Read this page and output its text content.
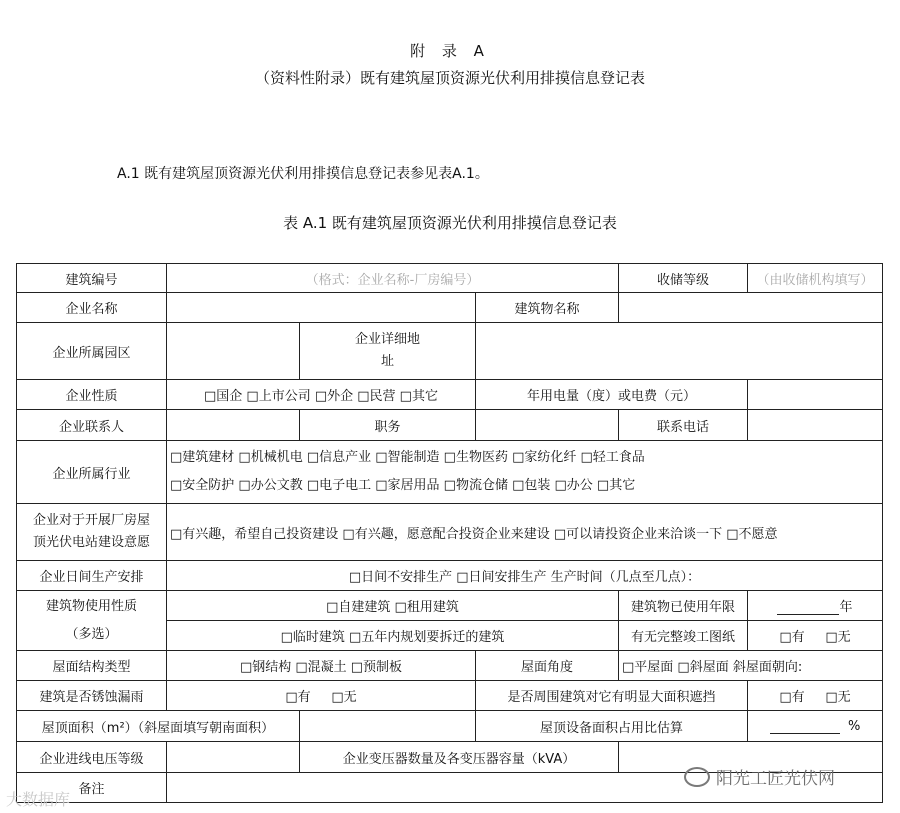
附 录 A
（资料性附录）既有建筑屋顶资源光伏利用排摸信息登记表
A.1 既有建筑屋顶资源光伏利用排摸信息登记表参见表A.1。
表 A.1 既有建筑屋顶资源光伏利用排摸信息登记表
建筑编号	（格式：企业名称-厂房编号）			收储等级	（由收储机构填写）
企业名称			建筑物名称		
企业所属园区		企业详细地
址			
企业性质	□国企 □上市公司 □外企 □民营 □其它		年用电量（度）或电费（元）		
企业联系人		职务		联系电话	
企业所属行业	□建筑建材 □机械机电 □信息产业 □智能制造 □生物医药 □家纺化纤 □轻工食品
□安全防护 □办公文教 □电子电工 □家居用品 □物流仓储 □包装 □办公 □其它				

企业对于开展厂房屋
顶光伏电站建设意愿	□有兴趣，希望自己投资建设 □有兴趣，愿意配合投资企业来建设 □可以请投资企业来洽谈一下 □不愿意				
企业日间生产安排	□日间不安排生产 □日间安排生产 生产时间（几点至几点）：				

建筑物使用性质
（多选）	□自建建筑 □租用建筑			建筑物已使用年限	年
	□临时建筑 □五年内规划要拆迁的建筑			有无完整竣工图纸	□有 □无
屋面结构类型	□钢结构 □混凝土 □预制板		屋面角度	□平屋面 □斜屋面 斜屋面朝向:	
建筑是否锈蚀漏雨	□有 □无		是否周围建筑对它有明显大面积遮挡		□有 □无
屋顶面积（m²）（斜屋面填写朝南面积）			屋顶设备面积占用比估算		%
企业进线电压等级		企业变压器数量及各变压器容量（kVA）			
备注					
阳光工匠光伏网
大数据库
